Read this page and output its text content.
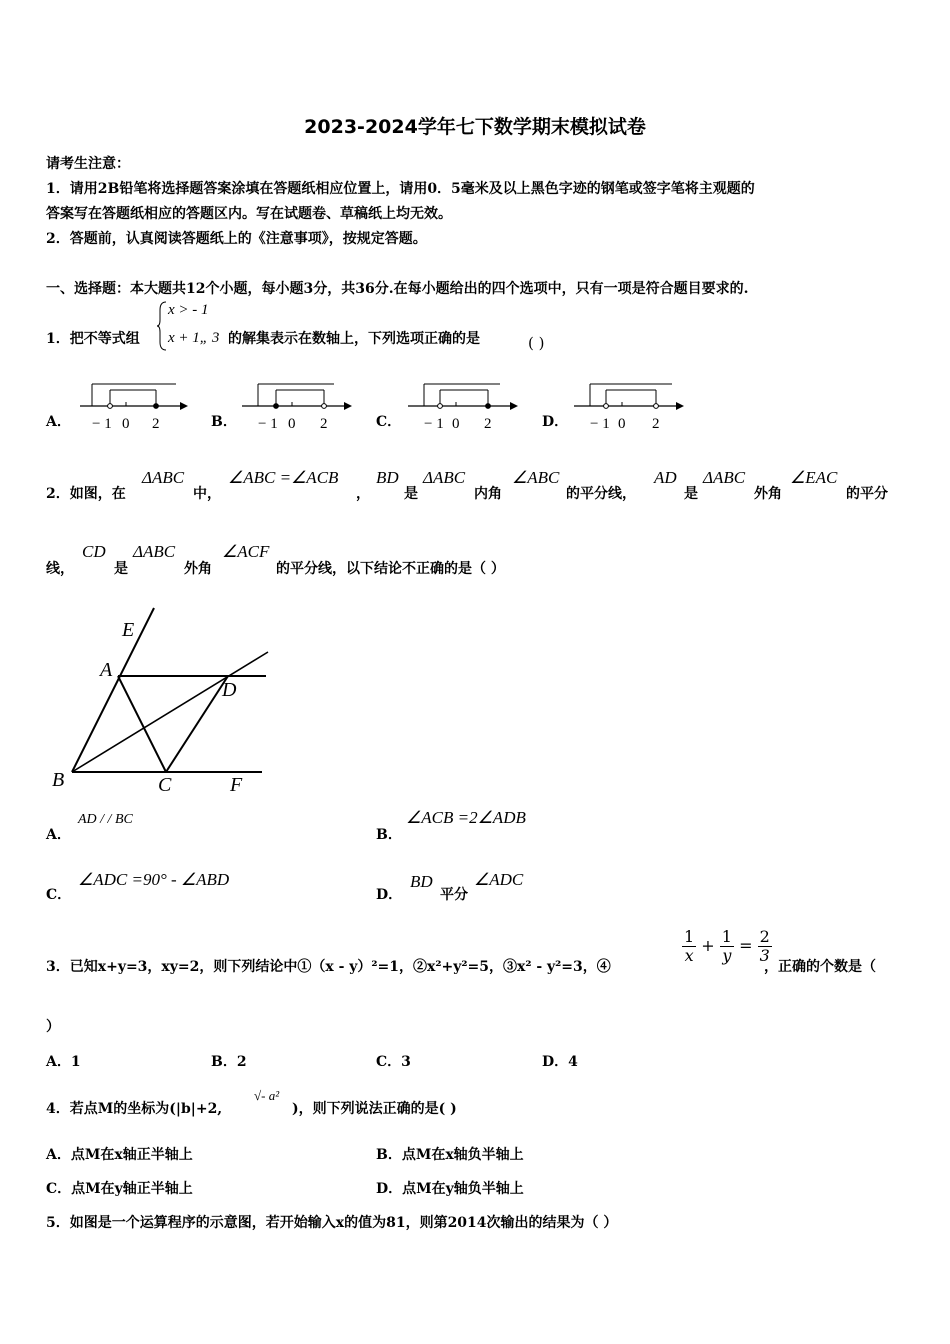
2023-2024学年七下数学期末模拟试卷
请考生注意：
1．请用2B铅笔将选择题答案涂填在答题纸相应位置上，请用0．5毫米及以上黑色字迹的钢笔或签字笔将主观题的
答案写在答题纸相应的答题区内。写在试题卷、草稿纸上均无效。
2．答题前，认真阅读答题纸上的《注意事项》，按规定答题。
一、选择题：本大题共12个小题，每小题3分，共36分.在每小题给出的四个选项中，只有一项是符合题目要求的.
1．把不等式组
x > - 1
x + 1„ 3 的解集表示在数轴上，下列选项正确的是	( )
A． − 1 0 2	B． − 1 0 2	C． − 1 0 2	D． − 1 0 2
2．如图，在
ΔABC
中，
∠ABC =∠ACB
，
BD
是
ΔABC
内角
∠ABC
的平分线，
AD
是
ΔABC
外角
∠EAC
的平分
线，
CD
是
ΔABC
外角
∠ACF
的平分线，以下结论不正确的是（ ）
E
A
D
B	C	F
A．
AD / / BC
B．
∠ACB =2∠ADB
C．
∠ADC =90° - ∠ABD
D．
BD
平分
∠ADC
3．已知x+y=3，xy=2，则下列结论中①（x - y）²=1，②x²+y²=5，③x² - y²=3，④
$\frac{1}{x} + \frac{1}{y} = \frac{2}{3}$
，正确的个数是（
）
A．1	B．2	C．3	D．4
4．若点M的坐标为(|b|+2,
√- a²
)，则下列说法正确的是( )
A．点M在x轴正半轴上	B．点M在x轴负半轴上
C．点M在y轴正半轴上	D．点M在y轴负半轴上
5．如图是一个运算程序的示意图，若开始输入x的值为81，则第2014次输出的结果为（ ）
